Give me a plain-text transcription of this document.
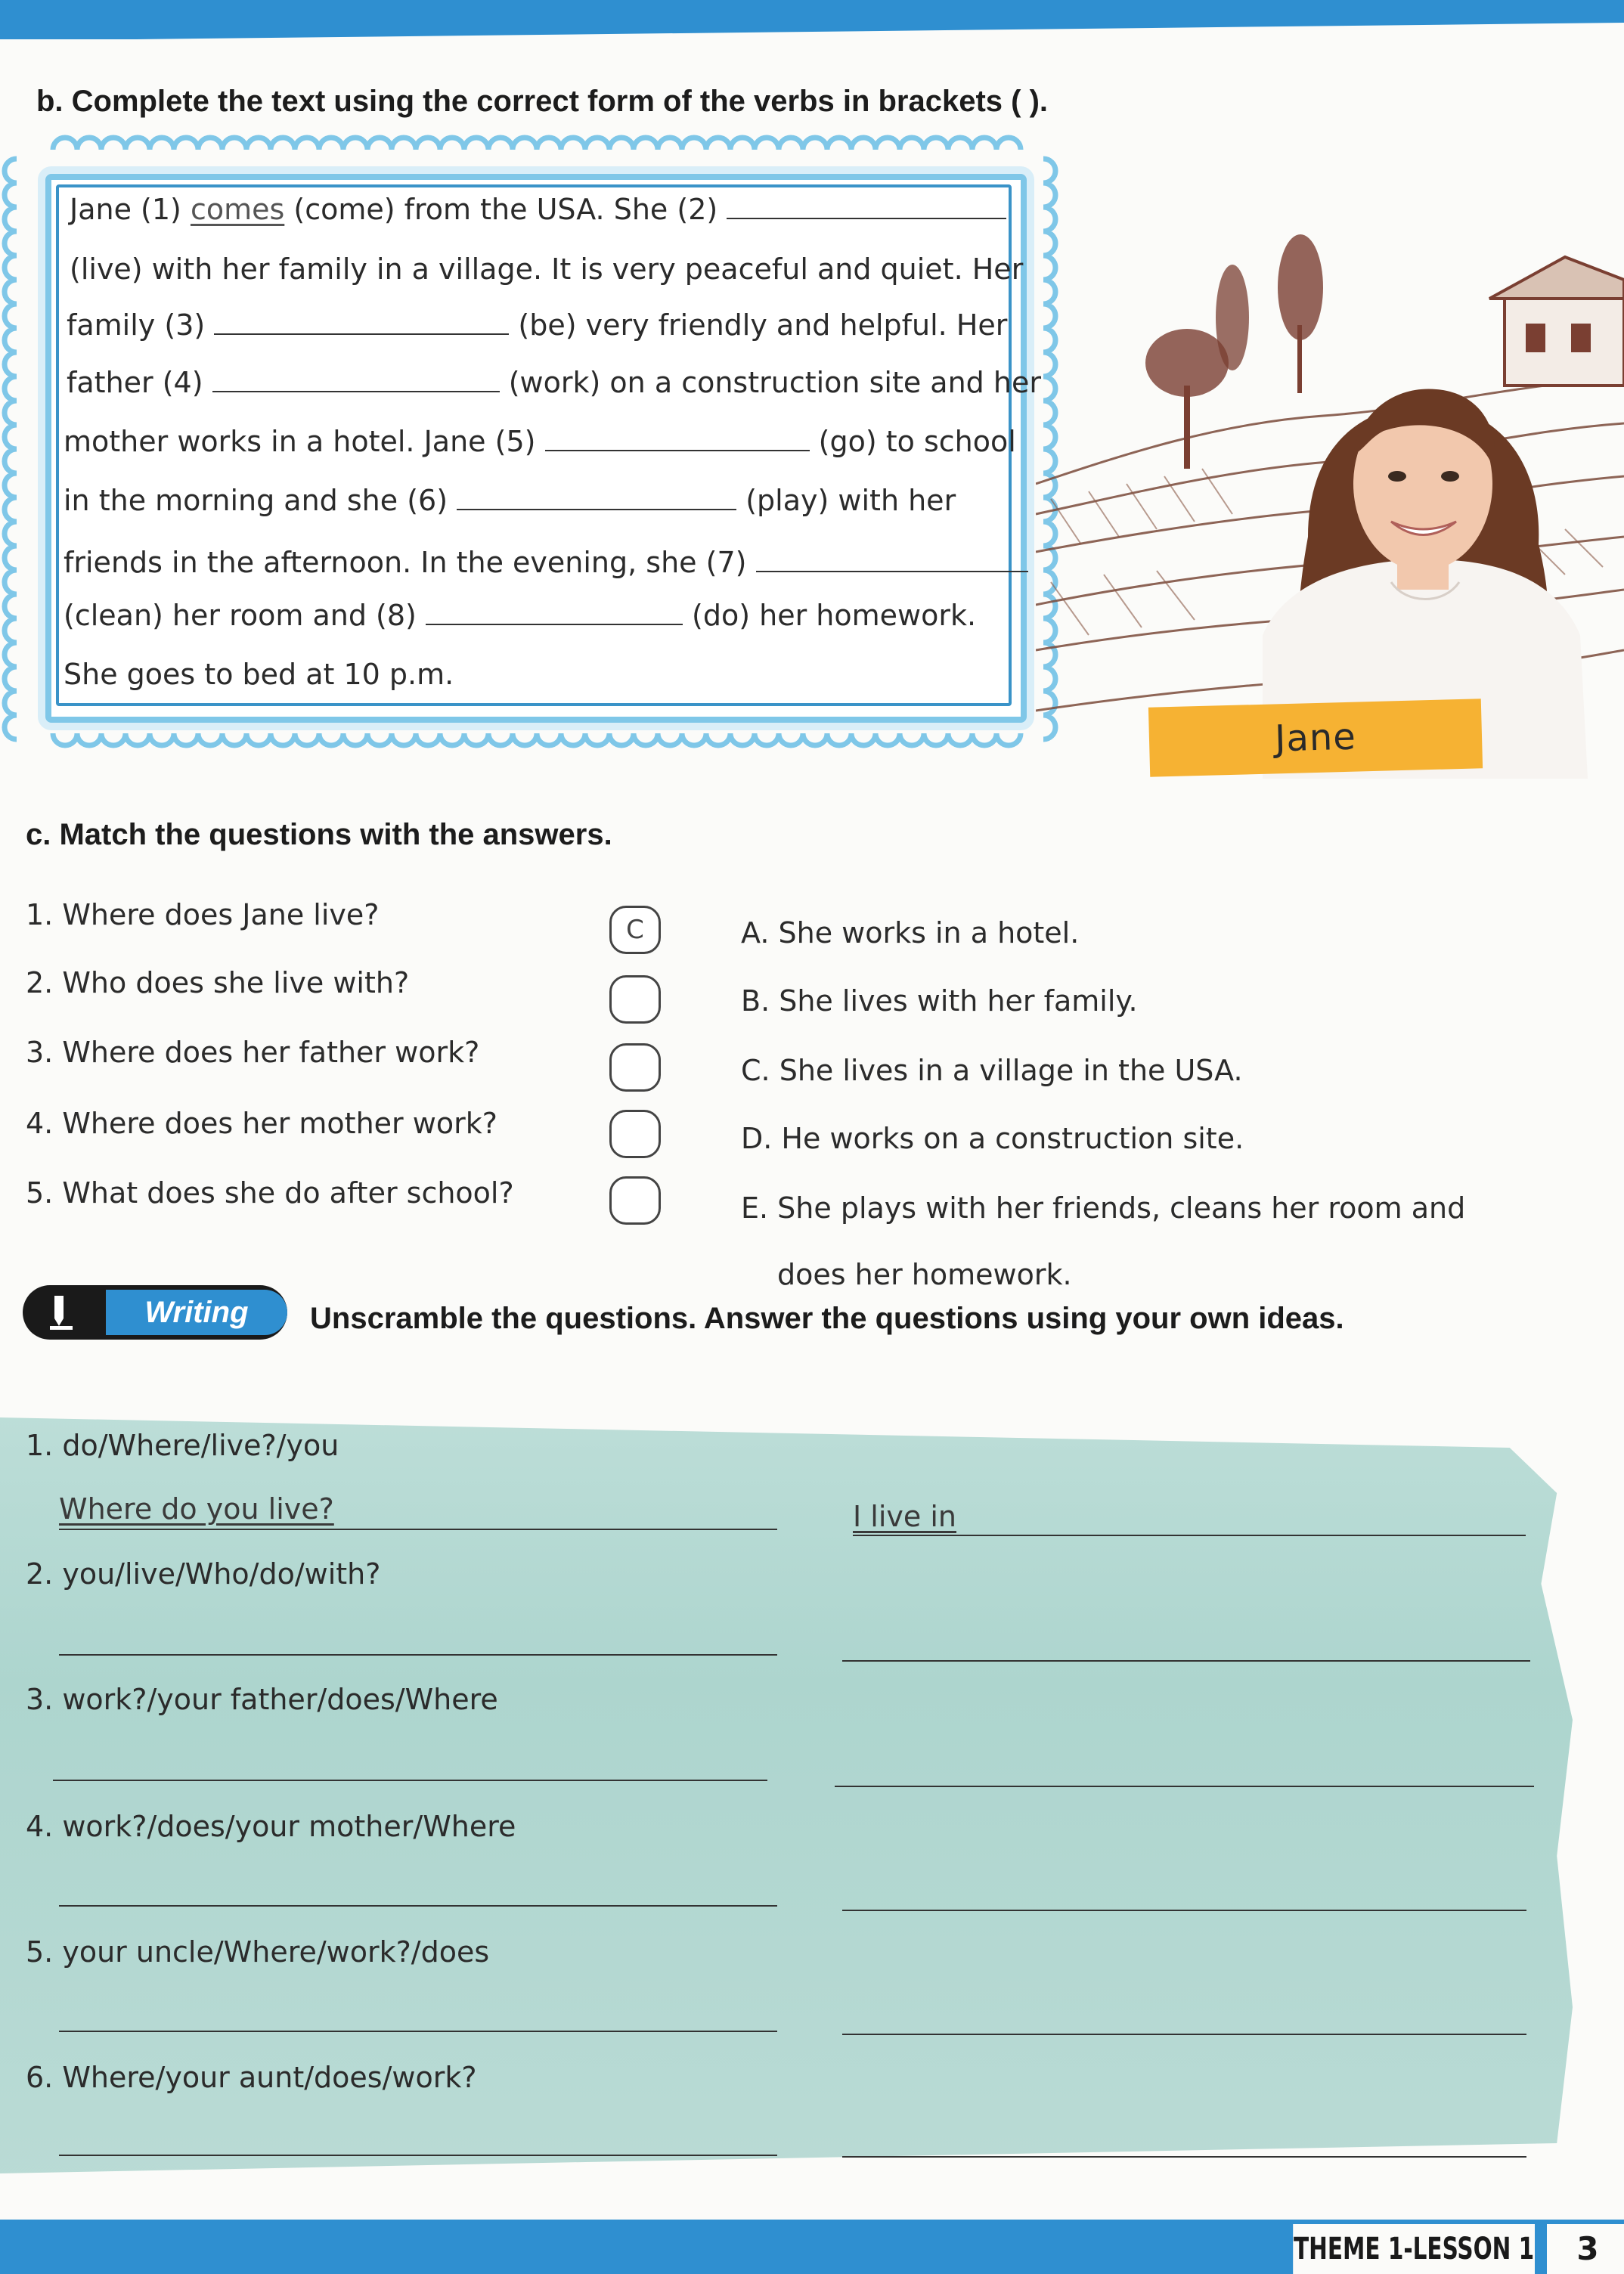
b. Complete the text using the correct form of the verbs in brackets ( ).
Jane (1) comes (come) from the USA. She (2)
(live) with her family in a village. It is very peaceful and quiet. Her
family (3)	(be) very friendly and helpful. Her
father (4)	(work) on a construction site and her
mother works in a hotel. Jane (5)	(go) to school
in the morning and she (6)	(play) with her
friends in the afternoon. In the evening, she (7)
(clean) her room and (8)	(do) her homework.
She goes to bed at 10 p.m.
Jane
c. Match the questions with the answers.
1. Where does Jane live?
2. Who does she live with?
3. Where does her father work?
4. Where does her mother work?
5. What does she do after school?
C	A. She works in a hotel.
B. She lives with her family.
C. She lives in a village in the USA.
D. He works on a construction site.
E. She plays with her friends, cleans her room and
does her homework.
Writing	Unscramble the questions. Answer the questions using your own ideas.
1. do/Where/live?/you
Where do you live?	I live in
2. you/live/Who/do/with?
3. work?/your father/does/Where
4. work?/does/your mother/Where
5. your uncle/Where/work?/does
6. Where/your aunt/does/work?
THEME 1-LESSON 1	3
